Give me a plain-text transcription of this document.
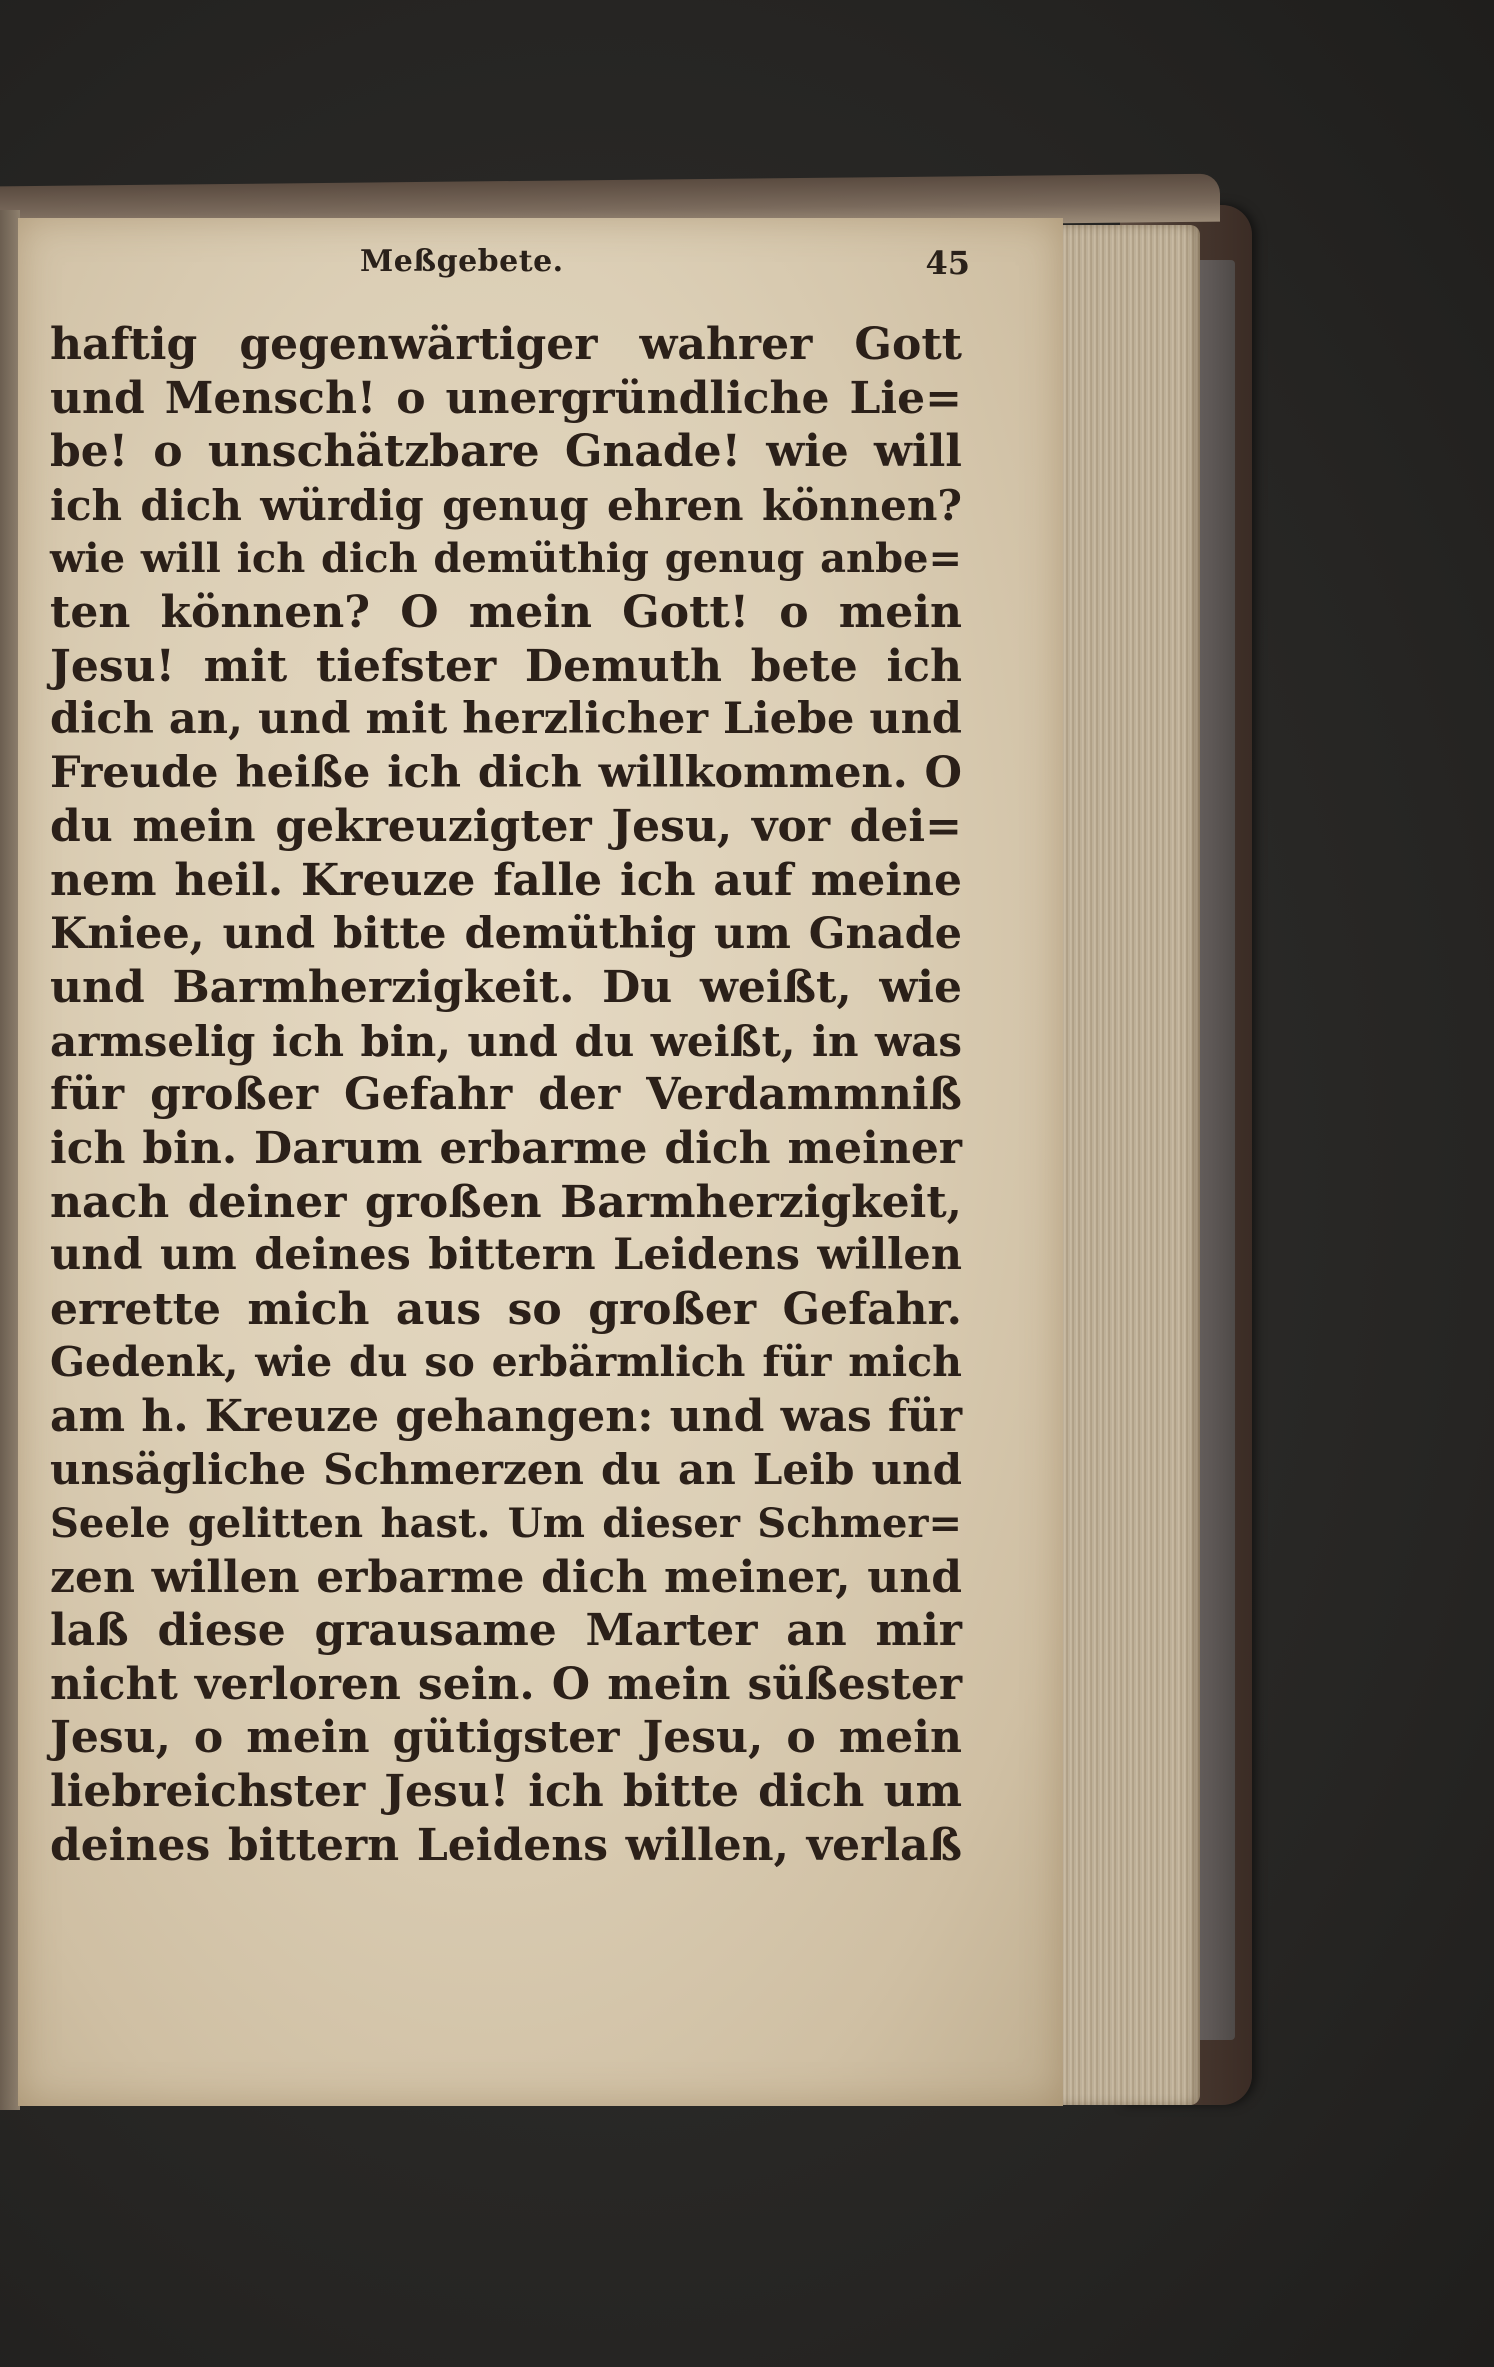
Meßgebete.	45
haftig gegenwärtiger wahrer Gott
und Mensch! o unergründliche Lie=
be! o unschätzbare Gnade! wie will
ich dich würdig genug ehren können?
wie will ich dich demüthig genug anbe=
ten können? O mein Gott! o mein
Jesu! mit tiefster Demuth bete ich
dich an, und mit herzlicher Liebe und
Freude heiße ich dich willkommen. O
du mein gekreuzigter Jesu, vor dei=
nem heil. Kreuze falle ich auf meine
Kniee, und bitte demüthig um Gnade
und Barmherzigkeit. Du weißt, wie
armselig ich bin, und du weißt, in was
für großer Gefahr der Verdammniß
ich bin. Darum erbarme dich meiner
nach deiner großen Barmherzigkeit,
und um deines bittern Leidens willen
errette mich aus so großer Gefahr.
Gedenk, wie du so erbärmlich für mich
am h. Kreuze gehangen: und was für
unsägliche Schmerzen du an Leib und
Seele gelitten hast. Um dieser Schmer=
zen willen erbarme dich meiner, und
laß diese grausame Marter an mir
nicht verloren sein. O mein süßester
Jesu, o mein gütigster Jesu, o mein
liebreichster Jesu! ich bitte dich um
deines bittern Leidens willen, verlaß
